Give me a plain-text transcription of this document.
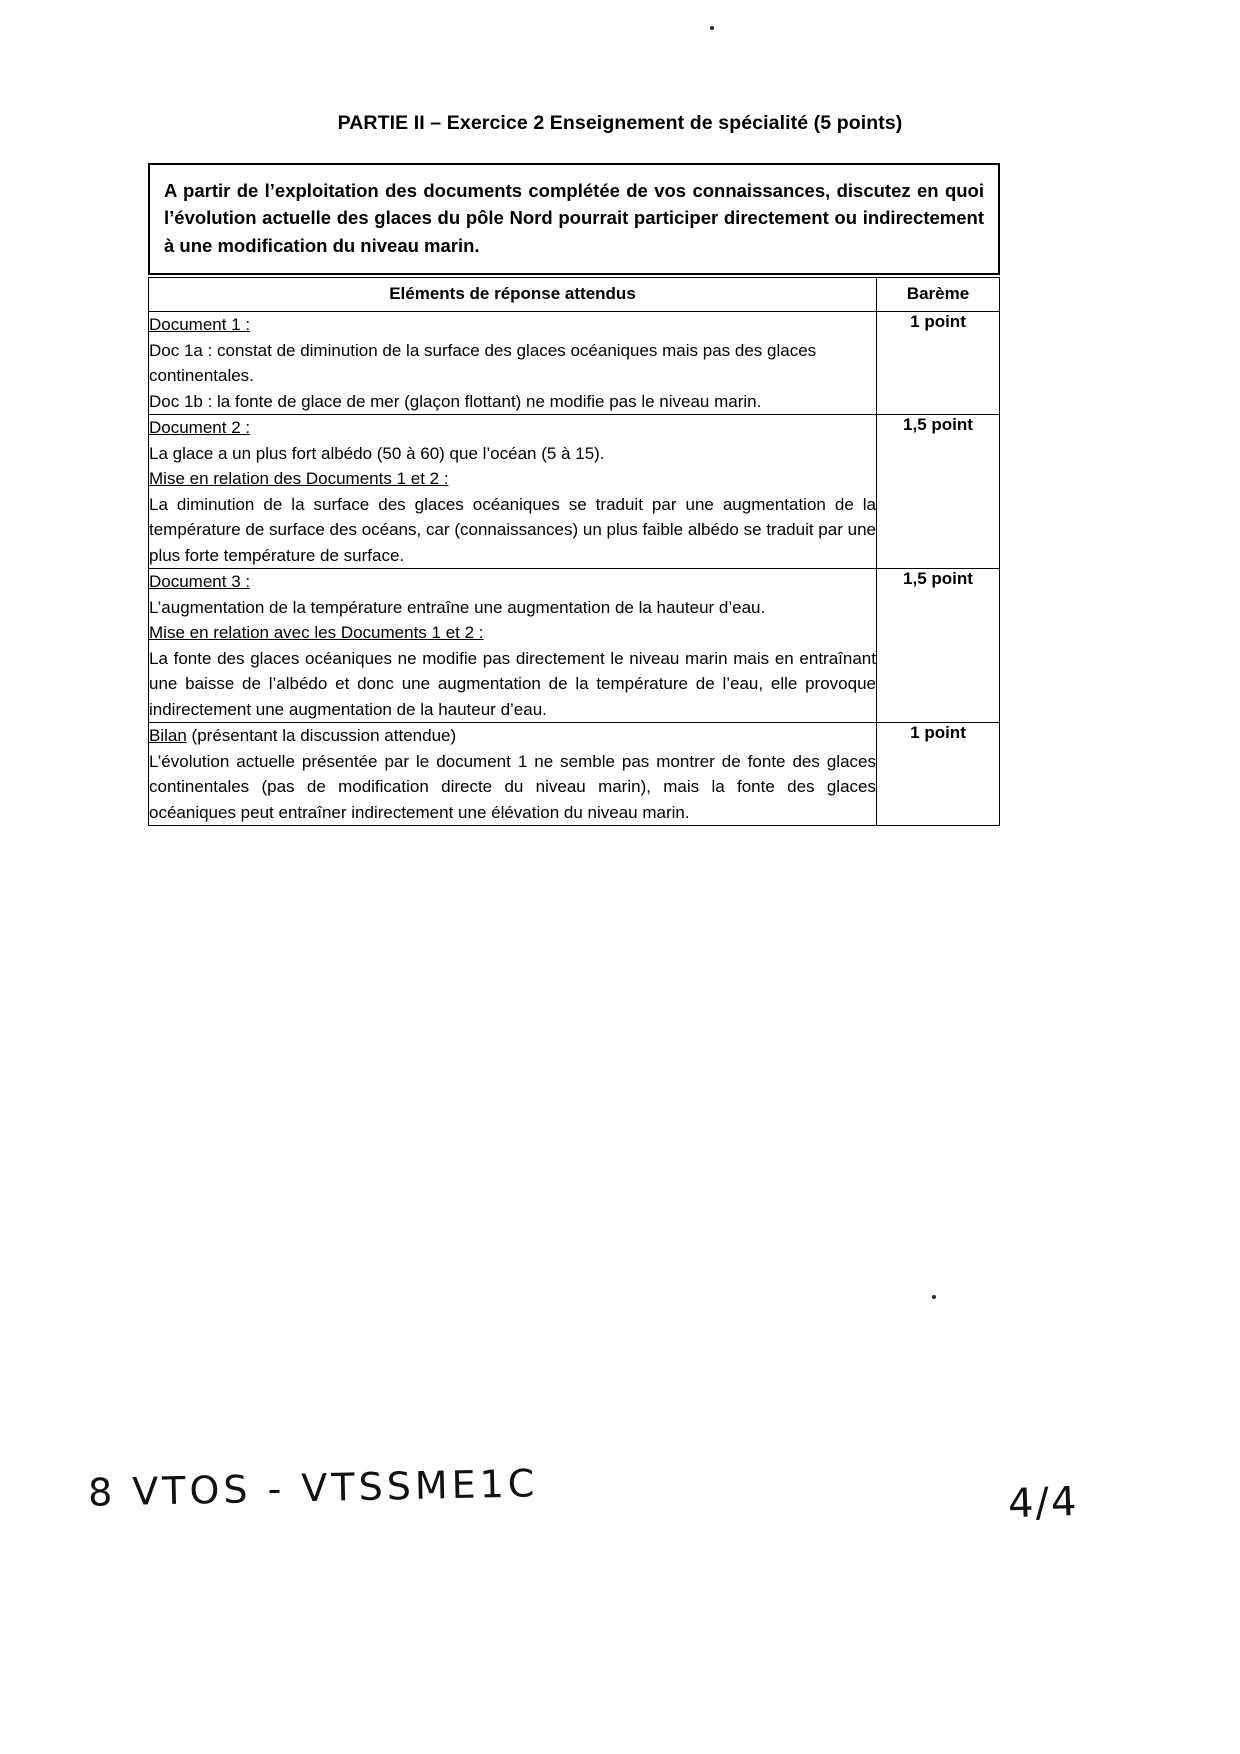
PARTIE II – Exercice 2 Enseignement de spécialité (5 points)

A partir de l’exploitation des documents complétée de vos connaissances, discutez en quoi l’évolution actuelle des glaces du pôle Nord pourrait participer directement ou indirectement à une modification du niveau marin.

Eléments de réponse attendus	Barème

Document 1 :
Doc 1a : constat de diminution de la surface des glaces océaniques mais pas des glaces continentales.
Doc 1b : la fonte de glace de mer (glaçon flottant) ne modifie pas le niveau marin.	1 point

Document 2 :
La glace a un plus fort albédo (50 à 60) que l’océan (5 à 15).
Mise en relation des Documents 1 et 2 :
La diminution de la surface des glaces océaniques se traduit par une augmentation de la température de surface des océans, car (connaissances) un plus faible albédo se traduit par une plus forte température de surface.	1,5 point

Document 3 :
L’augmentation de la température entraîne une augmentation de la hauteur d’eau.
Mise en relation avec les Documents 1 et 2 :
La fonte des glaces océaniques ne modifie pas directement le niveau marin mais en entraînant une baisse de l’albédo et donc une augmentation de la température de l’eau, elle provoque indirectement une augmentation de la hauteur d’eau.	1,5 point

Bilan (présentant la discussion attendue)
L’évolution actuelle présentée par le document 1 ne semble pas montrer de fonte des glaces continentales (pas de modification directe du niveau marin), mais la fonte des glaces océaniques peut entraîner indirectement une élévation du niveau marin.	1 point
8 VTOS - VTSSME1C	4/4
